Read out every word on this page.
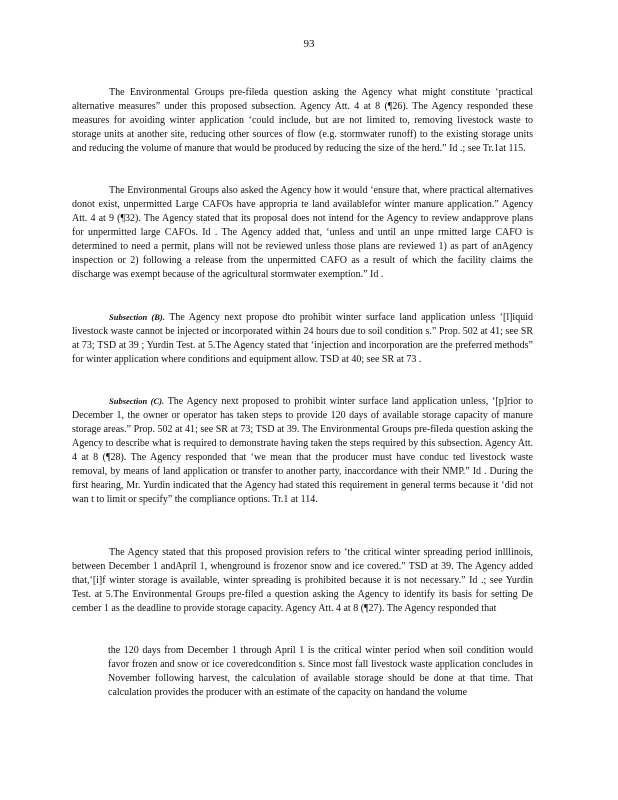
93

The Environmental Groups pre-fileda question asking the Agency what might constitute ‘practical alternative measures” under this proposed subsection. Agency Att. 4 at 8 (¶26). The Agency responded these measures for avoiding winter application ‘could include, but are not limited to, removing livestock waste to storage units at another site, reducing other sources of flow (e.g. stormwater runoff) to the existing storage units and reducing the volume of manure that would be produced by reducing the size of the herd.” Id .; see Tr.1at 115.

The Environmental Groups also asked the Agency how it would ‘ensure that, where practical alternatives donot exist, unpermitted Large CAFOs have appropria te land availablefor winter manure application.” Agency Att. 4 at 9 (¶32). The Agency stated that its proposal does not intend for the Agency to review andapprove plans for unpermitted large CAFOs. Id . The Agency added that, ‘unless and until an unpe rmitted large CAFO is determined to need a permit, plans will not be reviewed unless those plans are reviewed 1) as part of anAgency inspection or 2) following a release from the unpermitted CAFO as a result of which the facility claims the discharge was exempt because of the agricultural stormwater exemption.” Id .

Subsection (B). The Agency next propose dto prohibit winter surface land application unless ‘[l]iquid livestock waste cannot be injected or incorporated within 24 hours due to soil condition s.” Prop. 502 at 41; see SR at 73; TSD at 39 ; Yurdin Test. at 5.The Agency stated that ‘injection and incorporation are the preferred methods” for winter application where conditions and equipment allow. TSD at 40; see SR at 73 .

Subsection (C). The Agency next proposed to prohibit winter surface land application unless, ‘[p]rior to December 1, the owner or operator has taken steps to provide 120 days of available storage capacity of manure storage areas.” Prop. 502 at 41; see SR at 73; TSD at 39. The Environmental Groups pre-fileda question asking the Agency to describe what is required to demonstrate having taken the steps required by this subsection. Agency Att. 4 at 8 (¶28). The Agency responded that ‘we mean that the producer must have conduc ted livestock waste removal, by means of land application or transfer to another party, inaccordance with their NMP.” Id . During the first hearing, Mr. Yurdin indicated that the Agency had stated this requirement in general terms because it ‘did not wan t to limit or specify” the compliance options. Tr.1 at 114.

The Agency stated that this proposed provision refers to ‘the critical winter spreading period inlllinois, between December 1 andApril 1, whenground is frozenor snow and ice covered.” TSD at 39. The Agency added that,‘[i]f winter storage is available, winter spreading is prohibited because it is not necessary.” Id .; see Yurdin Test. at 5.The Environmental Groups pre-filed a question asking the Agency to identify its basis for setting De cember 1 as the deadline to provide storage capacity. Agency Att. 4 at 8 (¶27). The Agency responded that

the 120 days from December 1 through April 1 is the critical winter period when soil condition would favor frozen and snow or ice coveredcondition s. Since most fall livestock waste application concludes in November following harvest, the calculation of available storage should be done at that time. That calculation provides the producer with an estimate of the capacity on handand the volume
